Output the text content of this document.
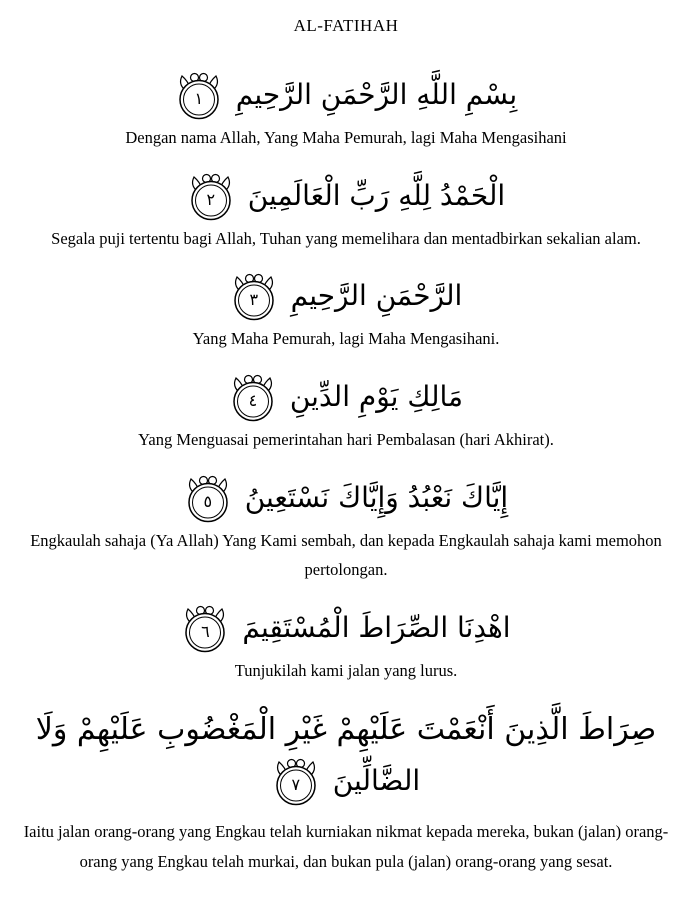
AL-FATIHAH
بِسْمِ اللَّهِ الرَّحْمَنِ الرَّحِيمِ
١
Dengan nama Allah, Yang Maha Pemurah, lagi Maha Mengasihani
الْحَمْدُ لِلَّهِ رَبِّ الْعَالَمِينَ
٢
Segala puji tertentu bagi Allah, Tuhan yang memelihara dan mentadbirkan sekalian alam.
الرَّحْمَنِ الرَّحِيمِ
٣
Yang Maha Pemurah, lagi Maha Mengasihani.
مَالِكِ يَوْمِ الدِّينِ
٤
Yang Menguasai pemerintahan hari Pembalasan (hari Akhirat).
إِيَّاكَ نَعْبُدُ وَإِيَّاكَ نَسْتَعِينُ
٥
Engkaulah sahaja (Ya Allah) Yang Kami sembah, dan kepada Engkaulah sahaja kami memohon pertolongan.
اهْدِنَا الصِّرَاطَ الْمُسْتَقِيمَ
٦
Tunjukilah kami jalan yang lurus.
صِرَاطَ الَّذِينَ أَنْعَمْتَ عَلَيْهِمْ غَيْرِ الْمَغْضُوبِ عَلَيْهِمْ وَلَا
الضَّالِّينَ
٧
Iaitu jalan orang-orang yang Engkau telah kurniakan nikmat kepada mereka, bukan (jalan) orang-orang yang Engkau telah murkai, dan bukan pula (jalan) orang-orang yang sesat.
